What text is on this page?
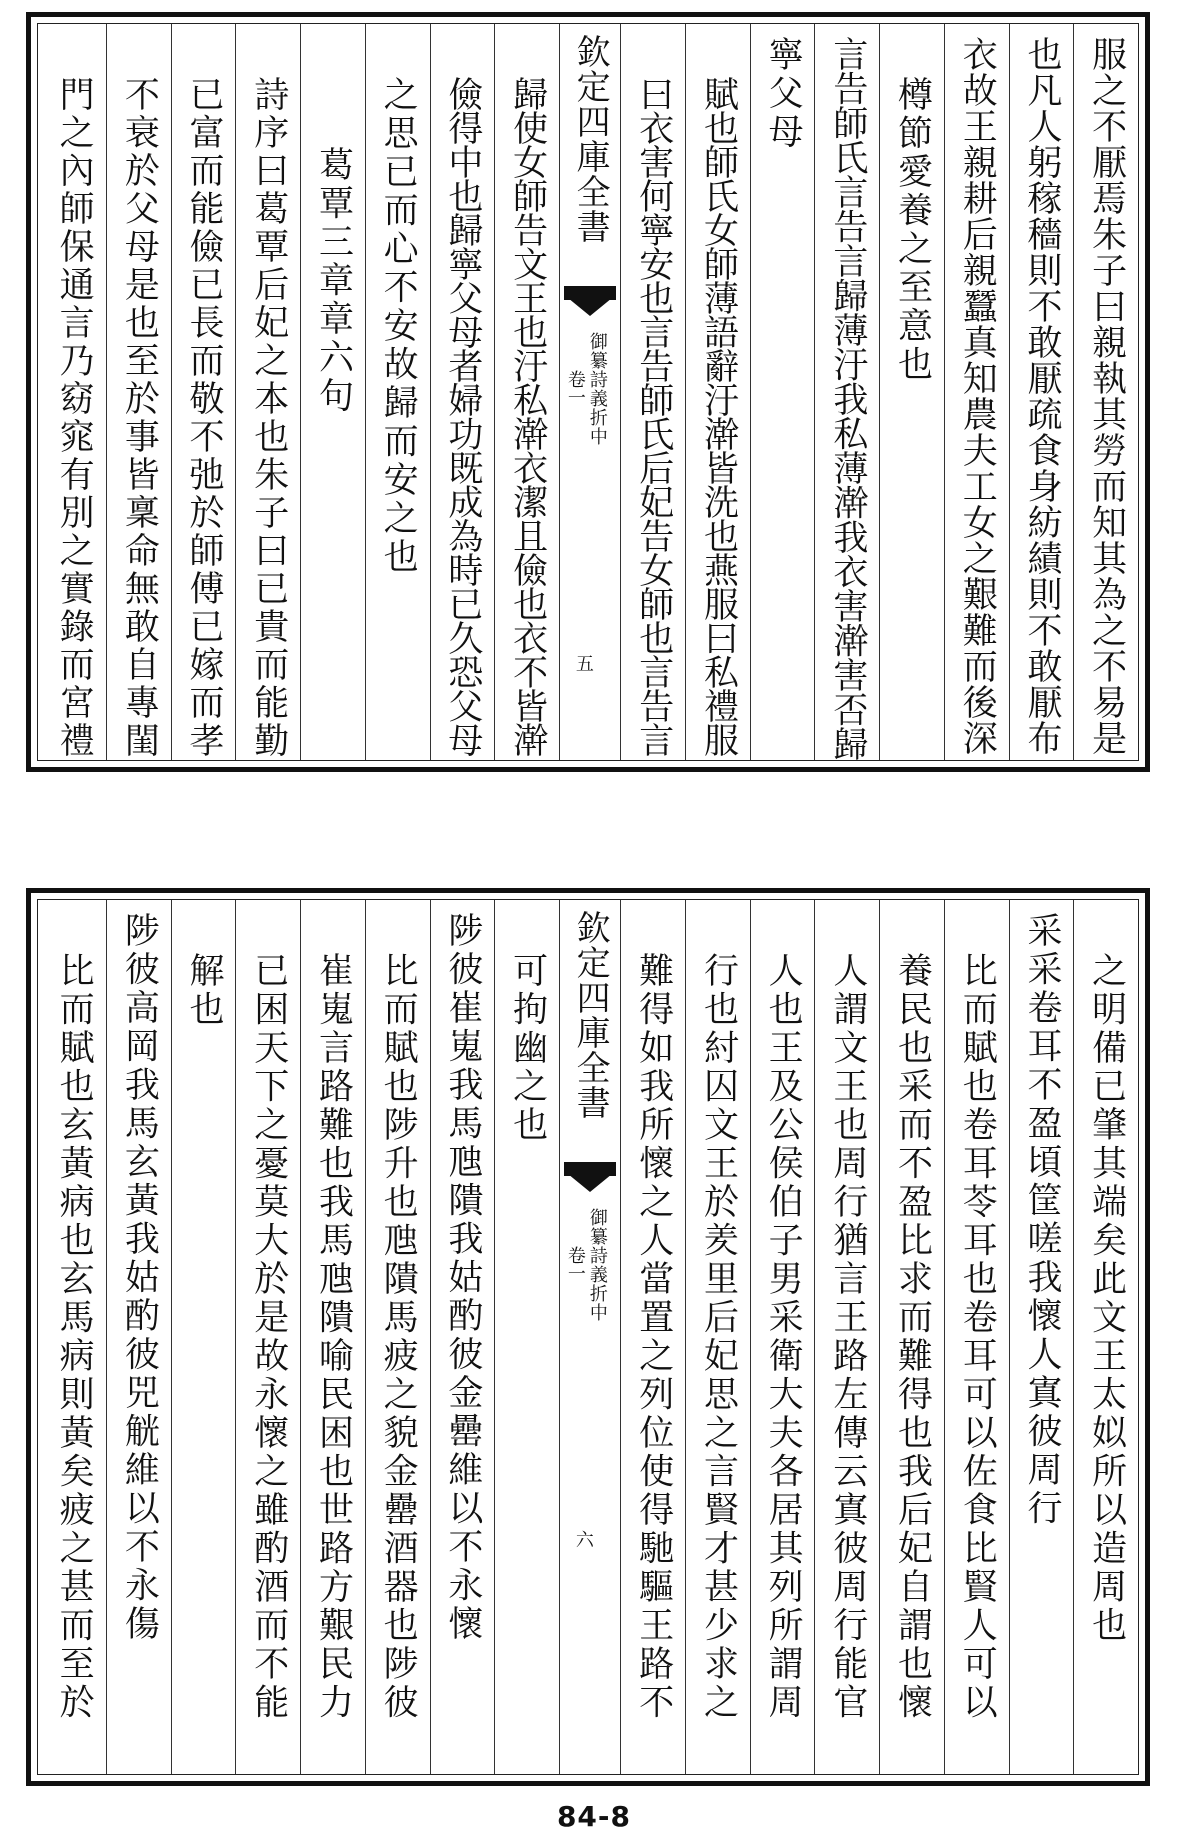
服之不厭焉朱子曰親執其勞而知其為之不易是
也凡人躬稼穡則不敢厭疏食身紡績則不敢厭布
衣故王親耕后親蠶真知農夫工女之艱難而後深
樽節愛養之至意也
言告師氏言告言歸薄汙我私薄澣我衣害澣害否歸
寧父母
賦也師氏女師薄語辭汙澣皆洗也燕服曰私禮服
曰衣害何寧安也言告師氏后妃告女師也言告言
欽定四庫全書
御纂詩義折中
卷一
五
歸使女師告文王也汙私澣衣潔且儉也衣不皆澣
儉得中也歸寧父母者婦功既成為時已久恐父母
之思已而心不安故歸而安之也
葛覃三章章六句
詩序曰葛覃后妃之本也朱子曰已貴而能勤
已富而能儉已長而敬不弛於師傅已嫁而孝
不衰於父母是也至於事皆稟命無敢自專閨
門之內師保通言乃窈窕有別之實錄而宮禮
之明備已肇其端矣此文王太姒所以造周也
采采卷耳不盈頃筐嗟我懷人寘彼周行
比而賦也卷耳苓耳也卷耳可以佐食比賢人可以
養民也采而不盈比求而難得也我后妃自謂也懷
人謂文王也周行猶言王路左傳云寘彼周行能官
人也王及公侯伯子男采衛大夫各居其列所謂周
行也紂囚文王於羑里后妃思之言賢才甚少求之
難得如我所懷之人當置之列位使得馳驅王路不
欽定四庫全書
御纂詩義折中
卷一
六
可拘幽之也
陟彼崔嵬我馬虺隤我姑酌彼金罍維以不永懷
比而賦也陟升也虺隤馬疲之貌金罍酒器也陟彼
崔嵬言路難也我馬虺隤喻民困也世路方艱民力
已困天下之憂莫大於是故永懷之雖酌酒而不能
解也
陟彼高岡我馬玄黃我姑酌彼兕觥維以不永傷
比而賦也玄黃病也玄馬病則黃矣疲之甚而至於
84-8
